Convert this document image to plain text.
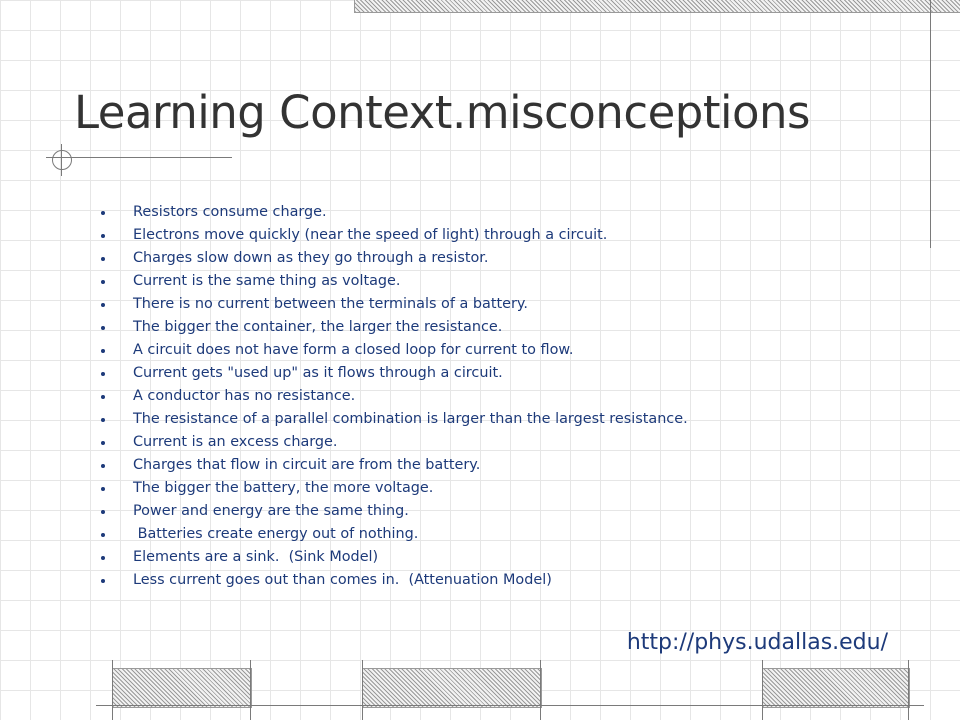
Learning Context.misconceptions
Resistors consume charge.
Electrons move quickly (near the speed of light) through a circuit.
Charges slow down as they go through a resistor.
Current is the same thing as voltage.
There is no current between the terminals of a battery.
The bigger the container, the larger the resistance.
A circuit does not have form a closed loop for current to flow.
Current gets "used up" as it flows through a circuit.
A conductor has no resistance.
The resistance of a parallel combination is larger than the largest resistance.
Current is an excess charge.
Charges that flow in circuit are from the battery.
The bigger the battery, the more voltage.
Power and energy are the same thing.
Batteries create energy out of nothing.
Elements are a sink.  (Sink Model)
Less current goes out than comes in.  (Attenuation Model)
http://phys.udallas.edu/
